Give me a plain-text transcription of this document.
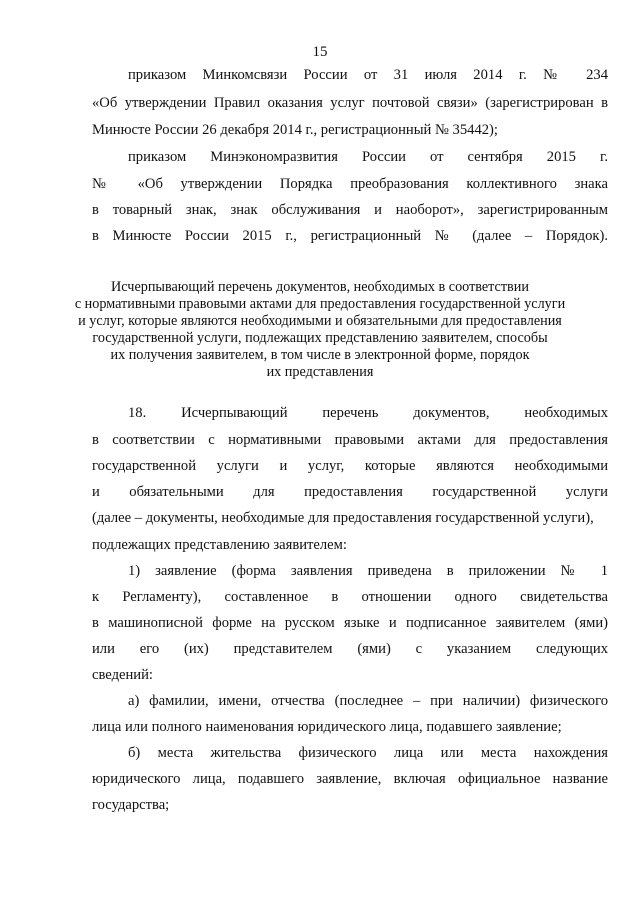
15
приказом Минкомсвязи России от 31 июля 2014 г. № 234
«Об утверждении Правил оказания услуг почтовой связи» (зарегистрирован в
Минюсте России 26 декабря 2014 г., регистрационный № 35442);
приказом Минэкономразвития России от сентября 2015 г.
№ «Об утверждении Порядка преобразования коллективного знака
в товарный знак, знак обслуживания и наоборот», зарегистрированным
в Минюсте России 2015 г., регистрационный № (далее – Порядок).
Исчерпывающий перечень документов, необходимых в соответствии
с нормативными правовыми актами для предоставления государственной услуги
и услуг, которые являются необходимыми и обязательными для предоставления
государственной услуги, подлежащих представлению заявителем, способы
их получения заявителем, в том числе в электронной форме, порядок
их представления
18. Исчерпывающий перечень документов, необходимых
в соответствии с нормативными правовыми актами для предоставления
государственной услуги и услуг, которые являются необходимыми
и обязательными для предоставления государственной услуги
(далее – документы, необходимые для предоставления государственной услуги),
подлежащих представлению заявителем:
1) заявление (форма заявления приведена в приложении № 1
к Регламенту), составленное в отношении одного свидетельства
в машинописной форме на русском языке и подписанное заявителем (ями)
или его (их) представителем (ями) с указанием следующих
сведений:
а) фамилии, имени, отчества (последнее – при наличии) физического
лица или полного наименования юридического лица, подавшего заявление;
б) места жительства физического лица или места нахождения
юридического лица, подавшего заявление, включая официальное название
государства;
